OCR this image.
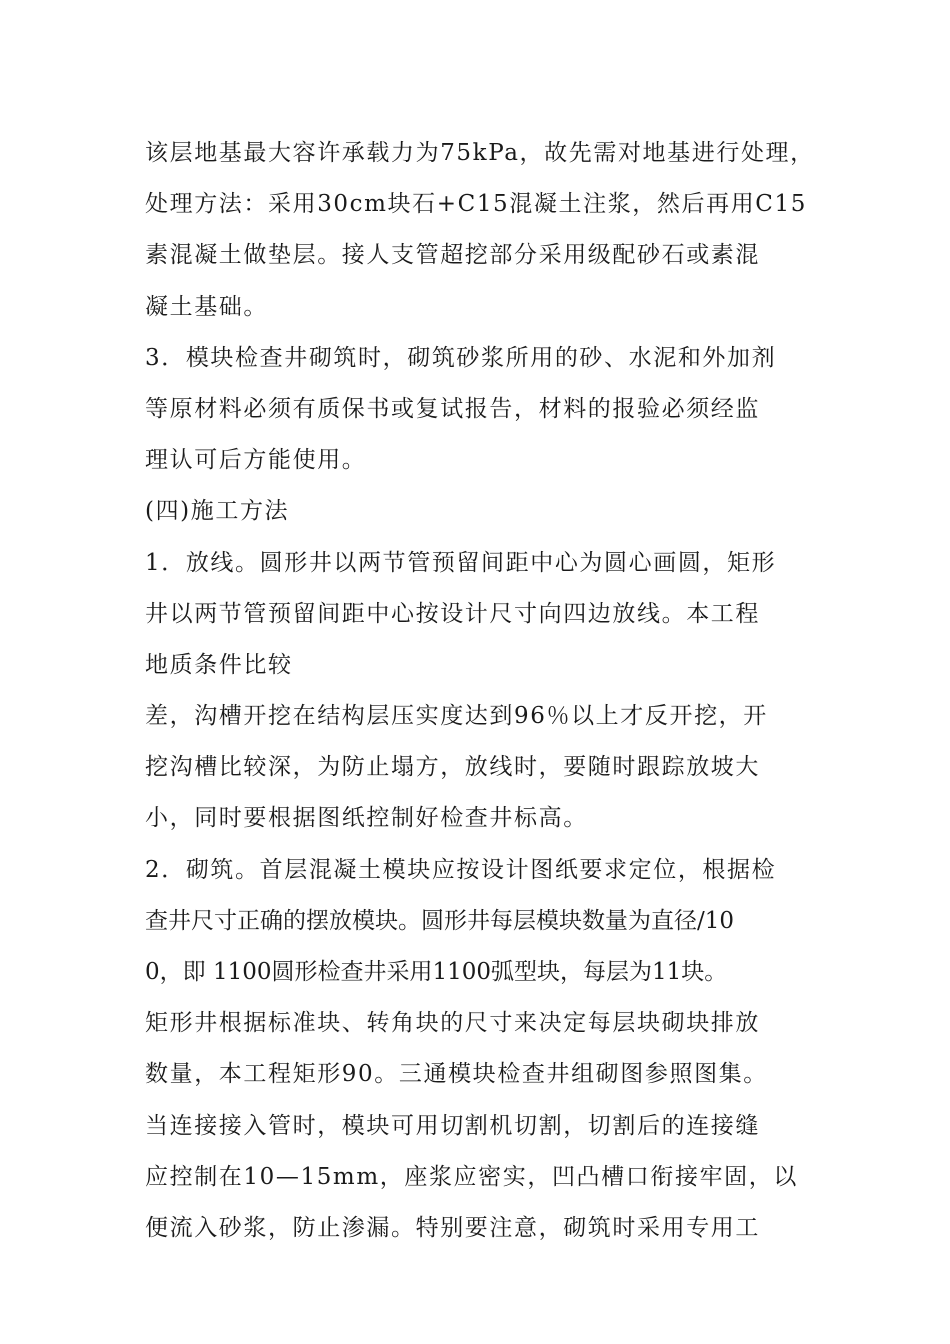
该层地基最大容许承载力为75kPa，故先需对地基进行处理，
处理方法：采用30cm块石+C15混凝土注浆，然后再用C15
素混凝土做垫层。接人支管超挖部分采用级配砂石或素混
凝土基础。
3．模块检查井砌筑时，砌筑砂浆所用的砂、水泥和外加剂
等原材料必须有质保书或复试报告，材料的报验必须经监
理认可后方能使用。
(四)施工方法
1．放线。圆形井以两节管预留间距中心为圆心画圆，矩形
井以两节管预留间距中心按设计尺寸向四边放线。本工程
地质条件比较
差，沟槽开挖在结构层压实度达到96％以上才反开挖，开
挖沟槽比较深，为防止塌方，放线时，要随时跟踪放坡大
小，同时要根据图纸控制好检查井标高。
2．砌筑。首层混凝土模块应按设计图纸要求定位，根据检
查井尺寸正确的摆放模块。圆形井每层模块数量为直径/10
0，即 1100圆形检查井采用1100弧型块，每层为11块。
矩形井根据标准块、转角块的尺寸来决定每层块砌块排放
数量，本工程矩形90。三通模块检查井组砌图参照图集。
当连接接入管时，模块可用切割机切割，切割后的连接缝
应控制在10—15mm，座浆应密实，凹凸槽口衔接牢固，以
便流入砂浆，防止渗漏。特别要注意，砌筑时采用专用工
